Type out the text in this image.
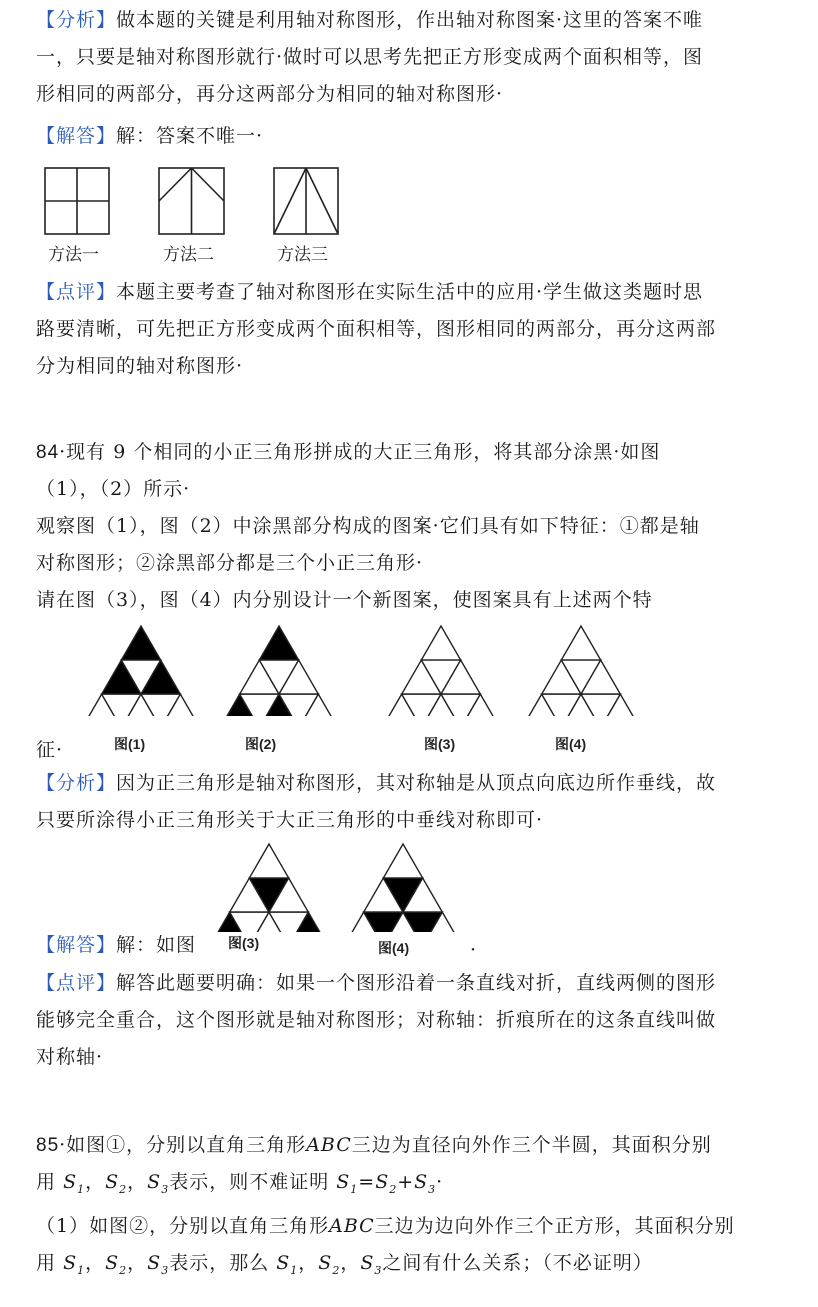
【分析】做本题的关键是利用轴对称图形，作出轴对称图案·这里的答案不唯
一，只要是轴对称图形就行·做时可以思考先把正方形变成两个面积相等，图
形相同的两部分，再分这两部分为相同的轴对称图形·

【解答】解：答案不唯一·

方法一	方法二	方法三

【点评】本题主要考查了轴对称图形在实际生活中的应用·学生做这类题时思
路要清晰，可先把正方形变成两个面积相等，图形相同的两部分，再分这两部
分为相同的轴对称图形·

84·现有 9 个相同的小正三角形拼成的大正三角形，将其部分涂黑·如图
（1），（2）所示·
观察图（1），图（2）中涂黑部分构成的图案·它们具有如下特征：①都是轴
对称图形；②涂黑部分都是三个小正三角形·
请在图（3），图（4）内分别设计一个新图案，使图案具有上述两个特

征·	图(1)	图(2)	图(3)	图(4)

【分析】因为正三角形是轴对称图形，其对称轴是从顶点向底边所作垂线，故
只要所涂得小正三角形关于大正三角形的中垂线对称即可·

【解答】解：如图	图(3)	图(4)	·

【点评】解答此题要明确：如果一个图形沿着一条直线对折，直线两侧的图形
能够完全重合，这个图形就是轴对称图形；对称轴：折痕所在的这条直线叫做
对称轴·

85·如图①，分别以直角三角形ABC三边为直径向外作三个半圆，其面积分别
用 $S_1$，$S_2$，$S_3$表示，则不难证明 $S_1=S_2+S_3\cdot$
（1）如图②，分别以直角三角形ABC三边为边向外作三个正方形，其面积分别
用 $S_1$，$S_2$，$S_3$表示，那么 $S_1$，$S_2$，$S_3$之间有什么关系；（不必证明）
